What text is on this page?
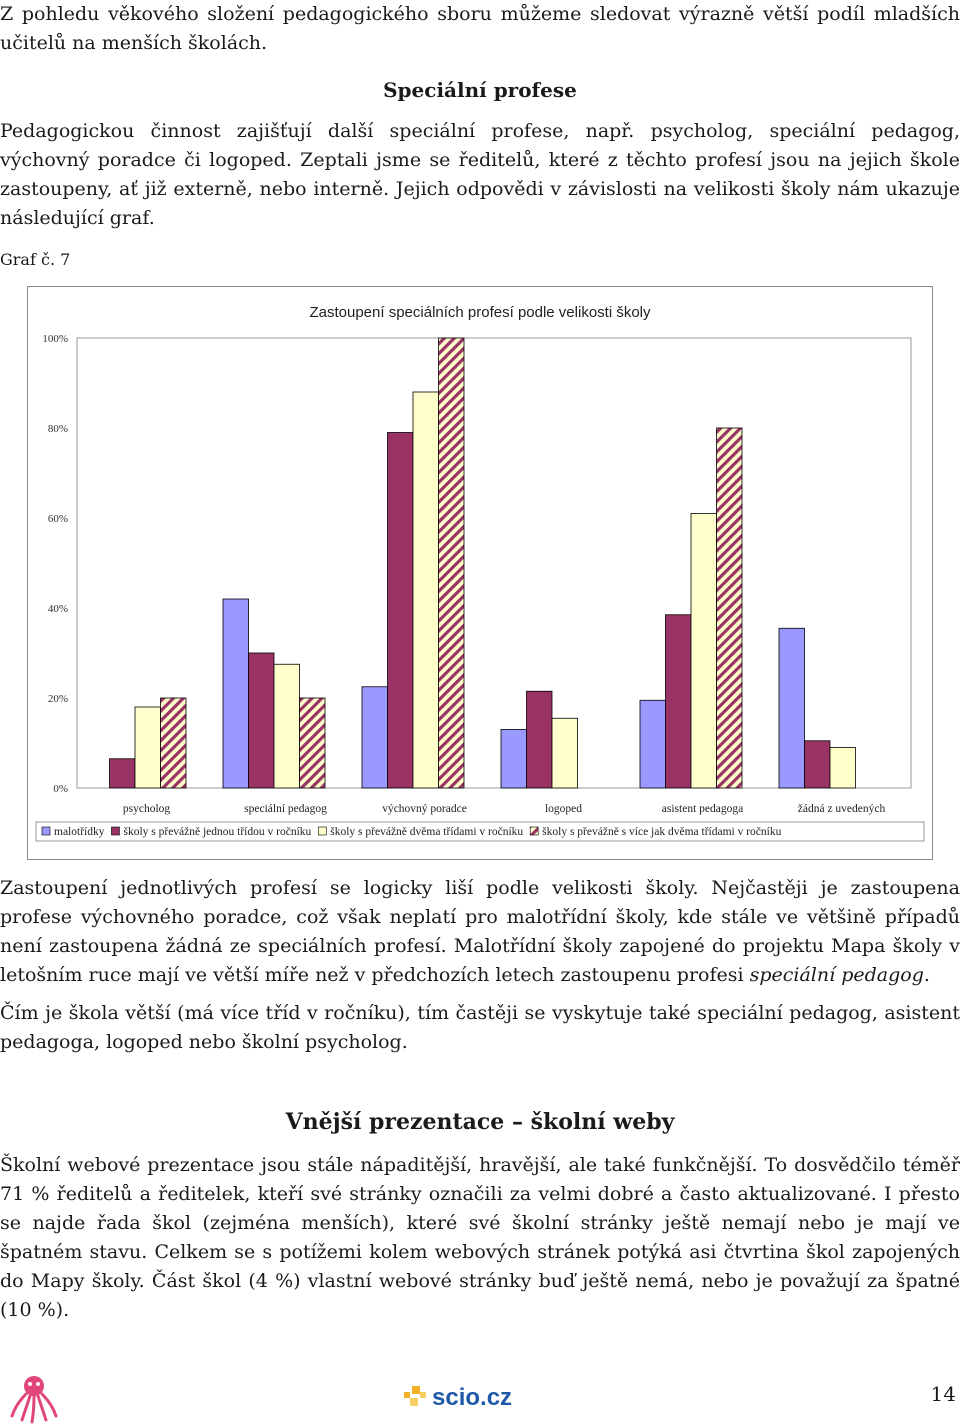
Z pohledu věkového složení pedagogického sboru můžeme sledovat výrazně větší podíl mladších učitelů na menších školách.

Speciální profese

Pedagogickou činnost zajišťují další speciální profese, např. psycholog, speciální pedagog, výchovný poradce či logoped. Zeptali jsme se ředitelů, které z těchto profesí jsou na jejich škole zastoupeny, ať již externě, nebo interně. Jejich odpovědi v závislosti na velikosti školy nám ukazuje následující graf.

Graf č. 7
Zastoupení speciálních profesí podle velikosti školy
0%
20%
40%
60%
80%
100%
psycholog	speciální pedagog	výchovný poradce	logoped	asistent pedagoga	žádná z uvedených
malotřídky školy s převážně jednou třídou v ročníku školy s převážně dvěma třídami v ročníku školy s převážně s více jak dvěma třídami v ročníku

Zastoupení jednotlivých profesí se logicky liší podle velikosti školy. Nejčastěji je zastoupena profese výchovného poradce, což však neplatí pro malotřídní školy, kde stále ve většině případů není zastoupena žádná ze speciálních profesí. Malotřídní školy zapojené do projektu Mapa školy v letošním ruce mají ve větší míře než v předchozích letech zastoupenu profesi speciální pedagog.

Čím je škola větší (má více tříd v ročníku), tím častěji se vyskytuje také speciální pedagog, asistent pedagoga, logoped nebo školní psycholog.

Vnější prezentace – školní weby

Školní webové prezentace jsou stále nápaditější, hravější, ale také funkčnější. To dosvědčilo téměř 71 % ředitelů a ředitelek, kteří své stránky označili za velmi dobré a často aktualizované. I přesto se najde řada škol (zejména menších), které své školní stránky ještě nemají nebo je mají ve špatném stavu. Celkem se s potížemi kolem webových stránek potýká asi čtvrtina škol zapojených do Mapy školy. Část škol (4 %) vlastní webové stránky buď ještě nemá, nebo je považují za špatné (10 %).

scio.cz	14
